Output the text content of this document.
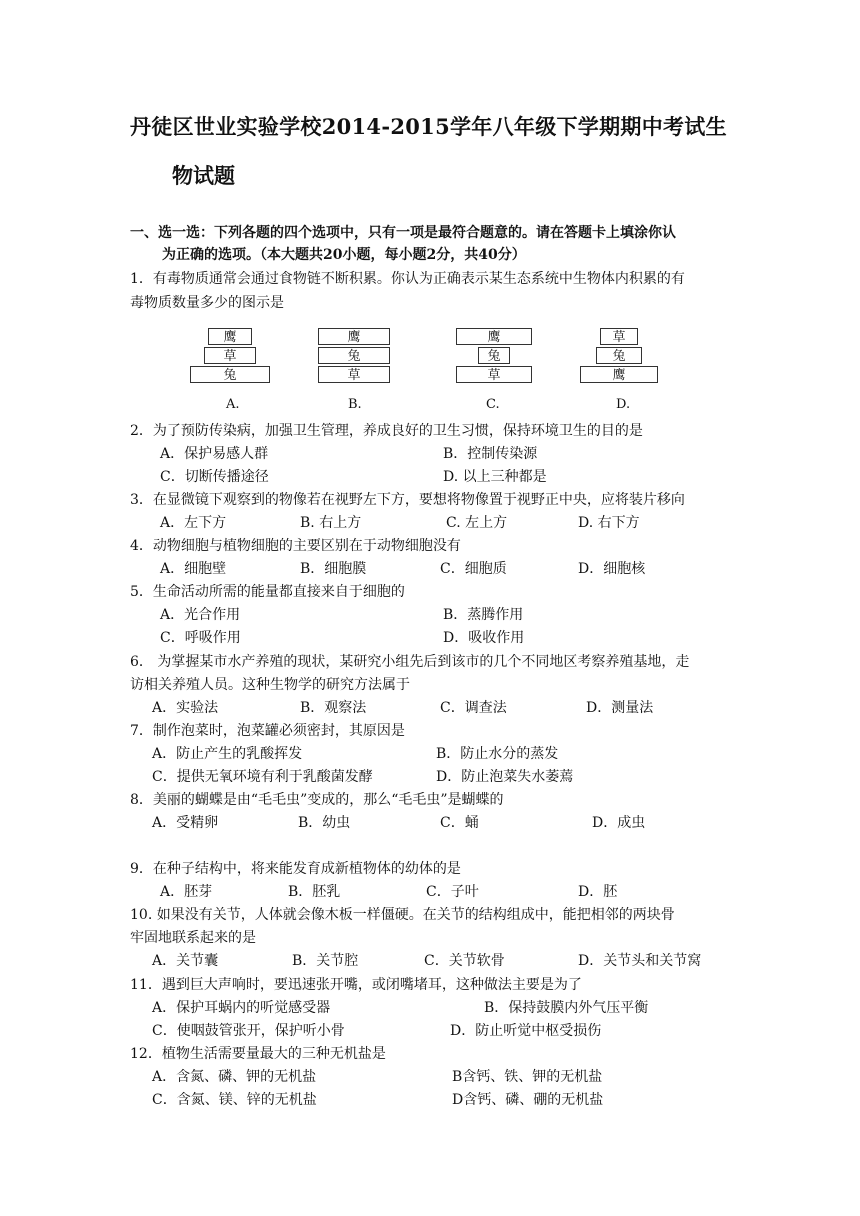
丹徒区世业实验学校2014-2015学年八年级下学期期中考试生
物试题
一、选一选：下列各题的四个选项中，只有一项是最符合题意的。请在答题卡上填涂你认
为正确的选项。（本大题共20小题，每小题2分，共40分）
1．有毒物质通常会通过食物链不断积累。你认为正确表示某生态系统中生物体内积累的有
毒物质数量多少的图示是
鹰
草
兔
A.
鹰
兔
草
B.
鹰
兔
草
C.
草
兔
鹰
D.
2．为了预防传染病，加强卫生管理，养成良好的卫生习惯，保持环境卫生的目的是
A．保护易感人群	B．控制传染源
C．切断传播途径	D. 以上三种都是
3．在显微镜下观察到的物像若在视野左下方，要想将物像置于视野正中央，应将装片移向
A．左下方	B. 右上方	C. 左上方	D. 右下方
4．动物细胞与植物细胞的主要区别在于动物细胞没有
A．细胞壁	B．细胞膜	C．细胞质	D．细胞核
5．生命活动所需的能量都直接来自于细胞的
A．光合作用	B．蒸腾作用
C．呼吸作用	D．吸收作用
6． 为掌握某市水产养殖的现状，某研究小组先后到该市的几个不同地区考察养殖基地，走
访相关养殖人员。这种生物学的研究方法属于
A．实验法	B．观察法	C．调查法	D．测量法
7．制作泡菜时，泡菜罐必须密封，其原因是
A．防止产生的乳酸挥发	B．防止水分的蒸发
C．提供无氧环境有利于乳酸菌发酵	D．防止泡菜失水萎蔫
8．美丽的蝴蝶是由“毛毛虫”变成的，那么“毛毛虫”是蝴蝶的
A．受精卵	B．幼虫	C．蛹	D．成虫
9．在种子结构中，将来能发育成新植物体的幼体的是
A．胚芽	B．胚乳	C．子叶	D．胚
10. 如果没有关节，人体就会像木板一样僵硬。在关节的结构组成中，能把相邻的两块骨
牢固地联系起来的是
A．关节囊	B．关节腔	C．关节软骨	D．关节头和关节窝
11．遇到巨大声响时，要迅速张开嘴，或闭嘴堵耳，这种做法主要是为了
A．保护耳蜗内的听觉感受器	B．保持鼓膜内外气压平衡
C．使咽鼓管张开，保护听小骨	D．防止听觉中枢受损伤
12．植物生活需要量最大的三种无机盐是
A．含氮、磷、钾的无机盐	B含钙、铁、钾的无机盐
C．含氮、镁、锌的无机盐	D含钙、磷、硼的无机盐
